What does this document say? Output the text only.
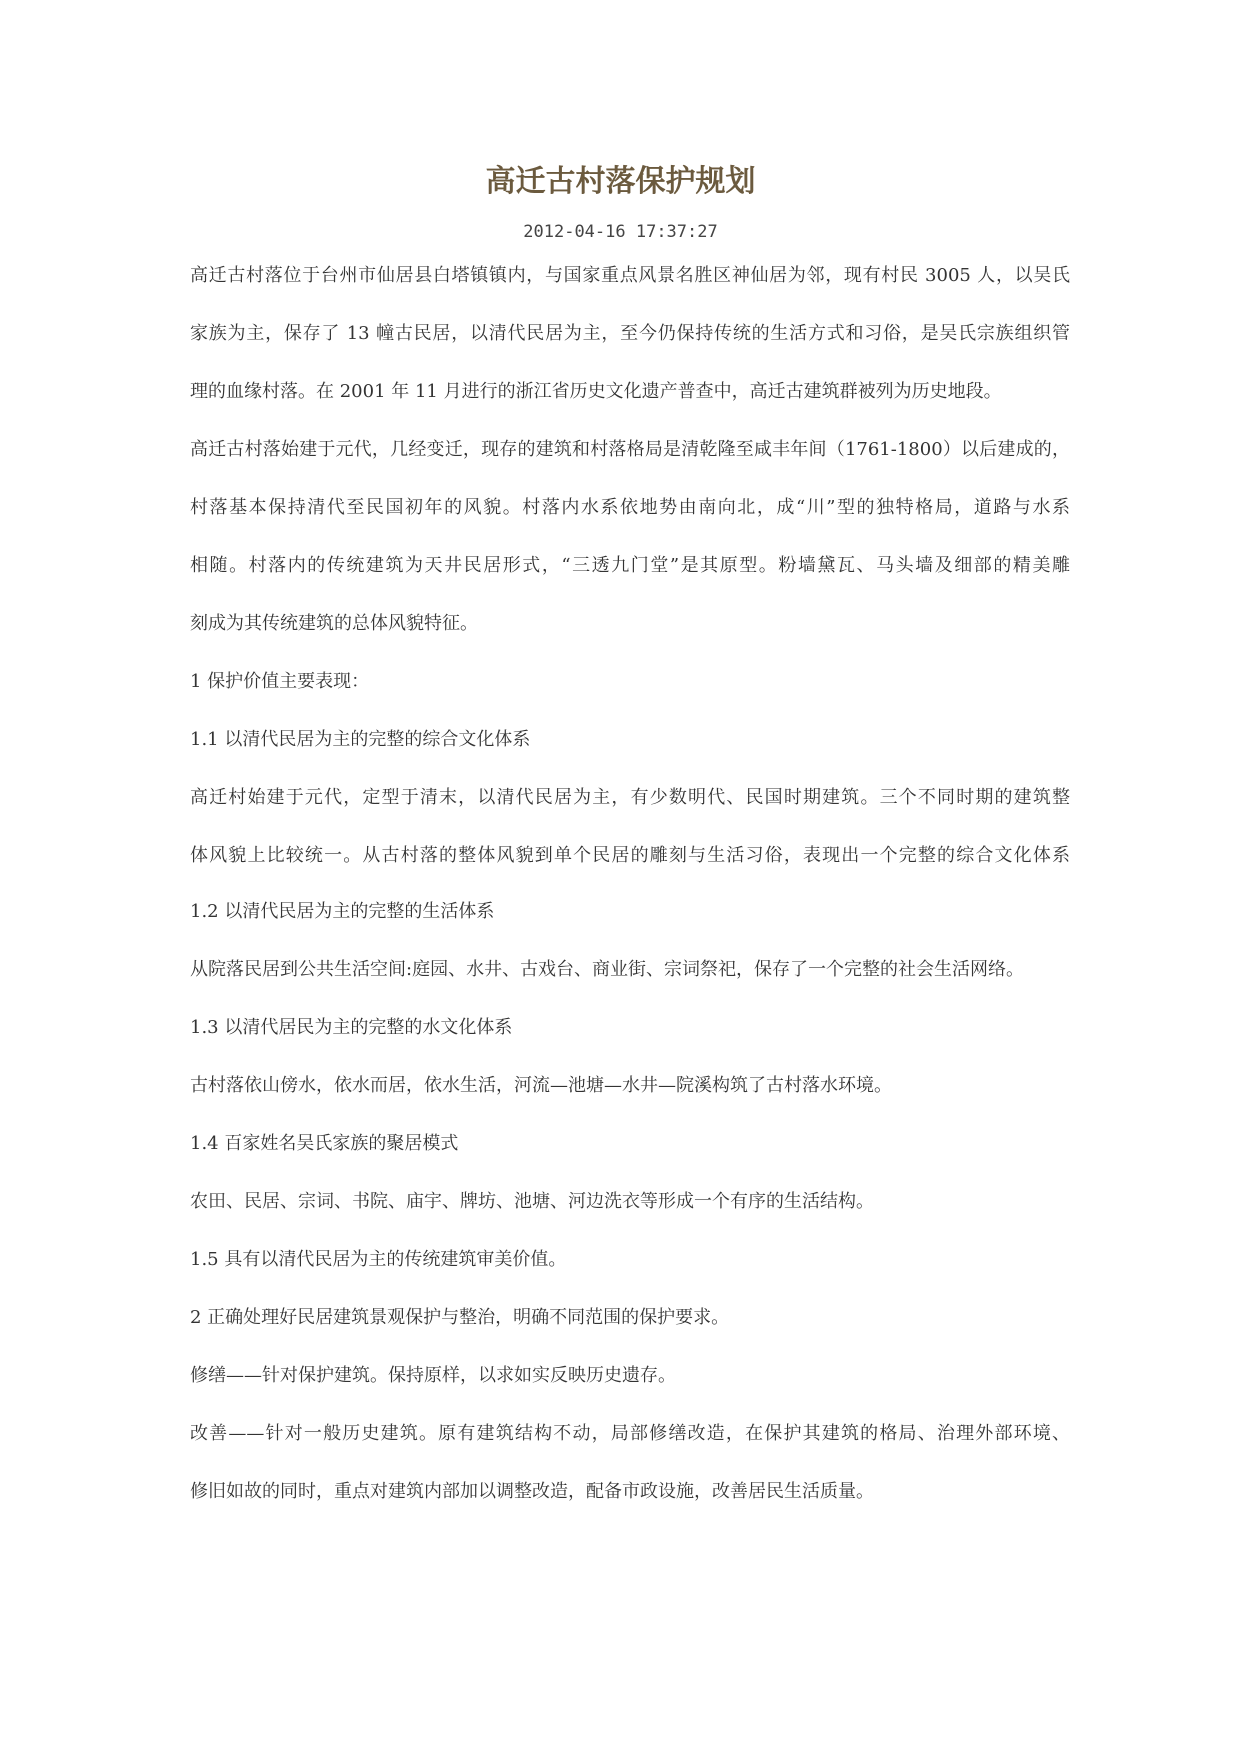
高迁古村落保护规划
2012-04-16 17:37:27

高迁古村落位于台州市仙居县白塔镇镇内，与国家重点风景名胜区神仙居为邻，现有村民 3005 人，以吴氏

家族为主，保存了 13 幢古民居，以清代民居为主，至今仍保持传统的生活方式和习俗，是吴氏宗族组织管

理的血缘村落。在 2001 年 11 月进行的浙江省历史文化遗产普查中，高迁古建筑群被列为历史地段。

高迁古村落始建于元代，几经变迁，现存的建筑和村落格局是清乾隆至咸丰年间（1761-1800）以后建成的，

村落基本保持清代至民国初年的风貌。村落内水系依地势由南向北，成“川”型的独特格局，道路与水系

相随。村落内的传统建筑为天井民居形式，“三透九门堂”是其原型。粉墙黛瓦、马头墙及细部的精美雕

刻成为其传统建筑的总体风貌特征。

1 保护价值主要表现：

1.1 以清代民居为主的完整的综合文化体系

高迁村始建于元代，定型于清末，以清代民居为主，有少数明代、民国时期建筑。三个不同时期的建筑整

体风貌上比较统一。从古村落的整体风貌到单个民居的雕刻与生活习俗，表现出一个完整的综合文化体系

1.2 以清代民居为主的完整的生活体系

从院落民居到公共生活空间:庭园、水井、古戏台、商业街、宗词祭祀，保存了一个完整的社会生活网络。

1.3 以清代居民为主的完整的水文化体系

古村落依山傍水，依水而居，依水生活，河流—池塘—水井—院溪构筑了古村落水环境。

1.4 百家姓名吴氏家族的聚居模式

农田、民居、宗词、书院、庙宇、牌坊、池塘、河边洗衣等形成一个有序的生活结构。

1.5 具有以清代民居为主的传统建筑审美价值。

2 正确处理好民居建筑景观保护与整治，明确不同范围的保护要求。

修缮——针对保护建筑。保持原样，以求如实反映历史遗存。

改善——针对一般历史建筑。原有建筑结构不动，局部修缮改造，在保护其建筑的格局、治理外部环境、

修旧如故的同时，重点对建筑内部加以调整改造，配备市政设施，改善居民生活质量。
